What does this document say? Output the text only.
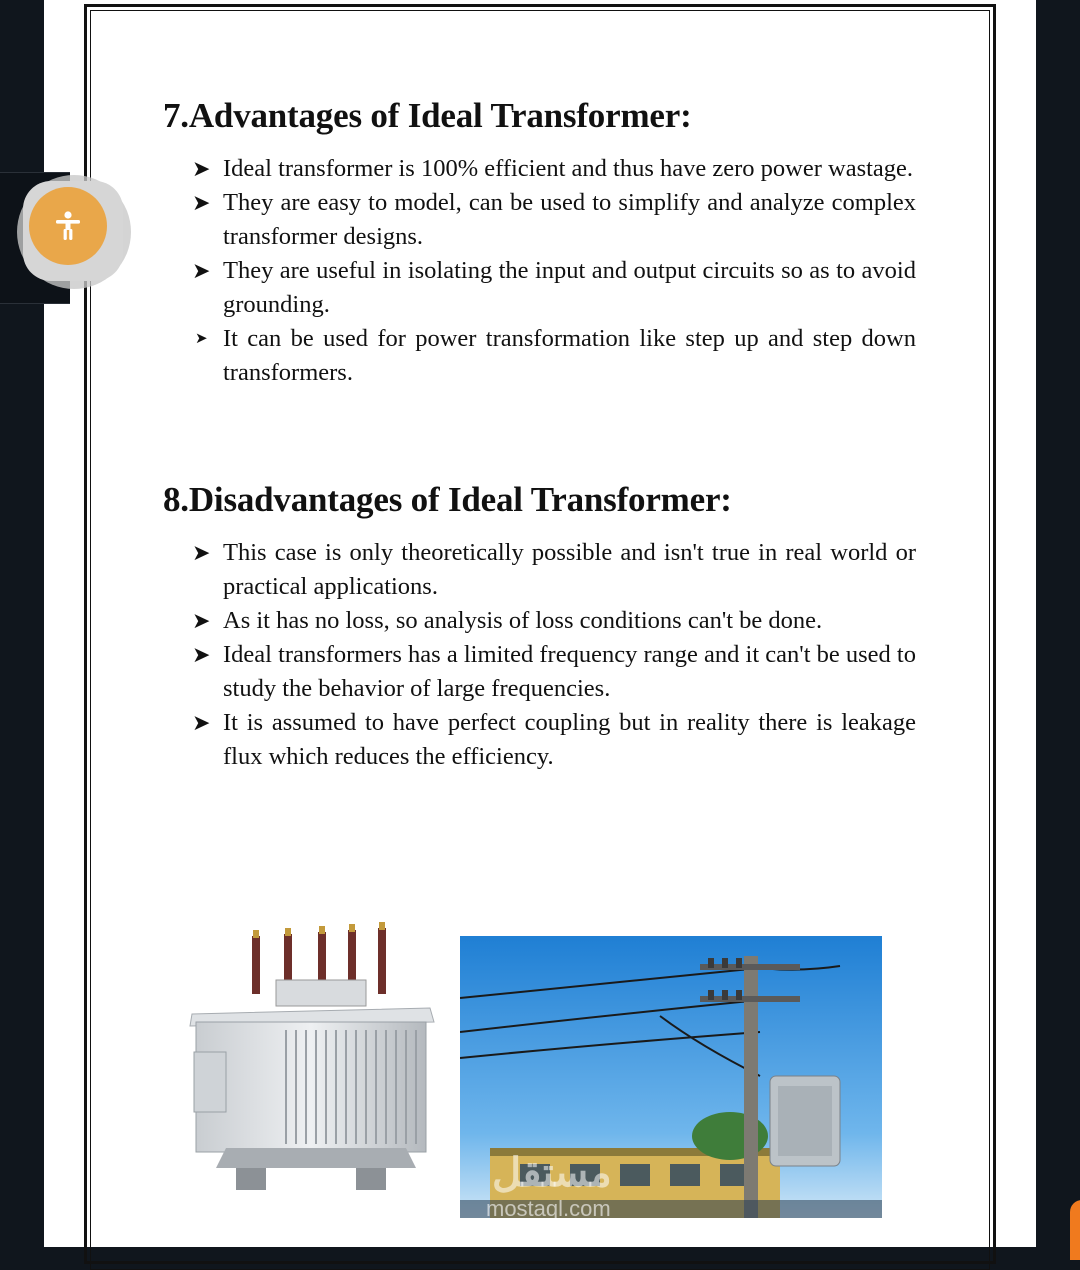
7.Advantages of Ideal Transformer:
➤ Ideal transformer is 100% efficient and thus have zero power wastage.
➤ They are easy to model, can be used to simplify and analyze complex transformer designs.
➤ They are useful in isolating the input and output circuits so as to avoid grounding.
➤ It can be used for power transformation like step up and step down transformers.
8.Disadvantages of Ideal Transformer:
➤ This case is only theoretically possible and isn't true in real world or practical applications.
➤ As it has no loss, so analysis of loss conditions can't be done.
➤ Ideal transformers has a limited frequency range and it can't be used to study the behavior of large frequencies.
➤ It is assumed to have perfect coupling but in reality there is leakage flux which reduces the efficiency.
مستقل
mostaql.com
